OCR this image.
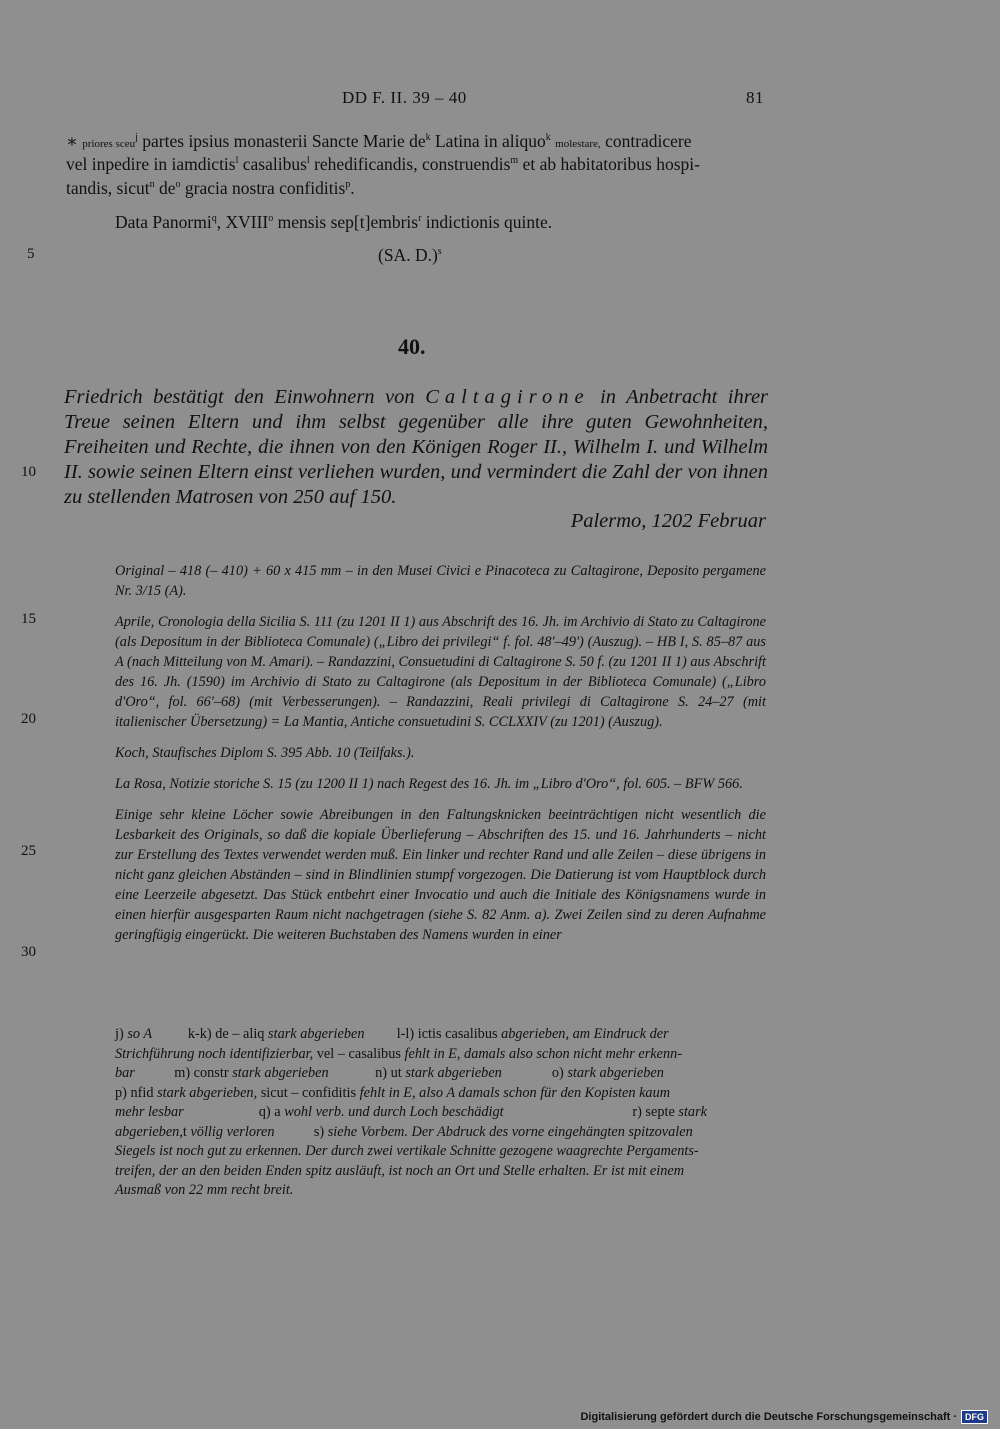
DD F. II. 39 – 40	81
∗ priores sceu$^j$ partes ipsius monasterii Sancte Marie $de^k$ Latina in aliquo$^k$ molestare, contradicere
vel inpedire in iamdictis$^l$ casalibus$^l$ rehedificandis, construendis$^m$ et ab habitatoribus hospi-
tandis, sicut$^n$ $de^o$ gracia nostra confiditis$^p$.
Data Panormi$^q$, XVIII$^o$ mensis sep[t]embris$^r$ indictionis quinte.
(SA. D.)$^s$
5
10
15
20
25
30
40.

Friedrich bestätigt den Einwohnern von Caltagirone in Anbetracht ihrer Treue seinen Eltern und ihm selbst gegenüber alle ihre guten Gewohnheiten, Freiheiten und Rechte, die ihnen von den Königen Roger II., Wilhelm I. und Wilhelm II. sowie seinen Eltern einst verliehen wurden, und vermindert die Zahl der von ihnen zu stellenden Matrosen von 250 auf 150.

Palermo, 1202 Februar

Original – 418 (– 410) + 60 x 415 mm – in den Musei Civici e Pinacoteca zu Caltagirone, Deposito pergamene Nr. 3/15 (A).

Aprile, Cronologia della Sicilia S. 111 (zu 1201 II 1) aus Abschrift des 16. Jh. im Archivio di Stato zu Caltagirone (als Depositum in der Biblioteca Comunale) („Libro dei privilegi“ f. fol. 48'–49') (Auszug). – HB I, S. 85–87 aus A (nach Mitteilung von M. Amari). – Randazzini, Consuetudini di Caltagirone S. 50 f. (zu 1201 II 1) aus Abschrift des 16. Jh. (1590) im Archivio di Stato zu Caltagirone (als Depositum in der Biblioteca Comunale) („Libro d'Oro“, fol. 66'–68) (mit Verbesserungen). – Randazzini, Reali privilegi di Caltagirone S. 24–27 (mit italienischer Übersetzung) = La Mantia, Antiche consuetudini S. CCLXXIV (zu 1201) (Auszug).

Koch, Staufisches Diplom S. 395 Abb. 10 (Teilfaks.).

La Rosa, Notizie storiche S. 15 (zu 1200 II 1) nach Regest des 16. Jh. im „Libro d'Oro“, fol. 605. – BFW 566.

Einige sehr kleine Löcher sowie Abreibungen in den Faltungsknicken beeinträchtigen nicht wesentlich die Lesbarkeit des Originals, so daß die kopiale Überlieferung – Abschriften des 15. und 16. Jahrhunderts – nicht zur Erstellung des Textes verwendet werden muß. Ein linker und rechter Rand und alle Zeilen – diese übrigens in nicht ganz gleichen Abständen – sind in Blindlinien stumpf vorgezogen. Die Datierung ist vom Hauptblock durch eine Leerzeile abgesetzt. Das Stück entbehrt einer Invocatio und auch die Initiale des Königsnamens wurde in einen hierfür ausgesparten Raum nicht nachgetragen (siehe S. 82 Anm. a). Zwei Zeilen sind zu deren Aufnahme geringfügig eingerückt. Die weiteren Buchstaben des Namens wurden in einer

j) so A	k-k) de – aliq stark abgerieben l-l) ictis casalibus abgerieben, am Eindruck der
Strichführung noch identifizierbar, vel – casalibus fehlt in E, damals also schon nicht mehr erkenn-
bar	m) constr stark abgerieben	n) ut stark abgerieben	o) stark abgerieben
p) nfid stark abgerieben, sicut – confiditis fehlt in E, also A damals schon für den Kopisten kaum
mehr lesbar	q) a wohl verb. und durch Loch beschädigt	r) septe stark
abgerieben,t völlig verloren	s) siehe Vorbem. Der Abdruck des vorne eingehängten spitzovalen
Siegels ist noch gut zu erkennen. Der durch zwei vertikale Schnitte gezogene waagrechte Pergaments-
treifen, der an den beiden Enden spitz ausläuft, ist noch an Ort und Stelle erhalten. Er ist mit einem
Ausmaß von 22 mm recht breit.
Digitalisierung gefördert durch die Deutsche Forschungsgemeinschaft · DFG
